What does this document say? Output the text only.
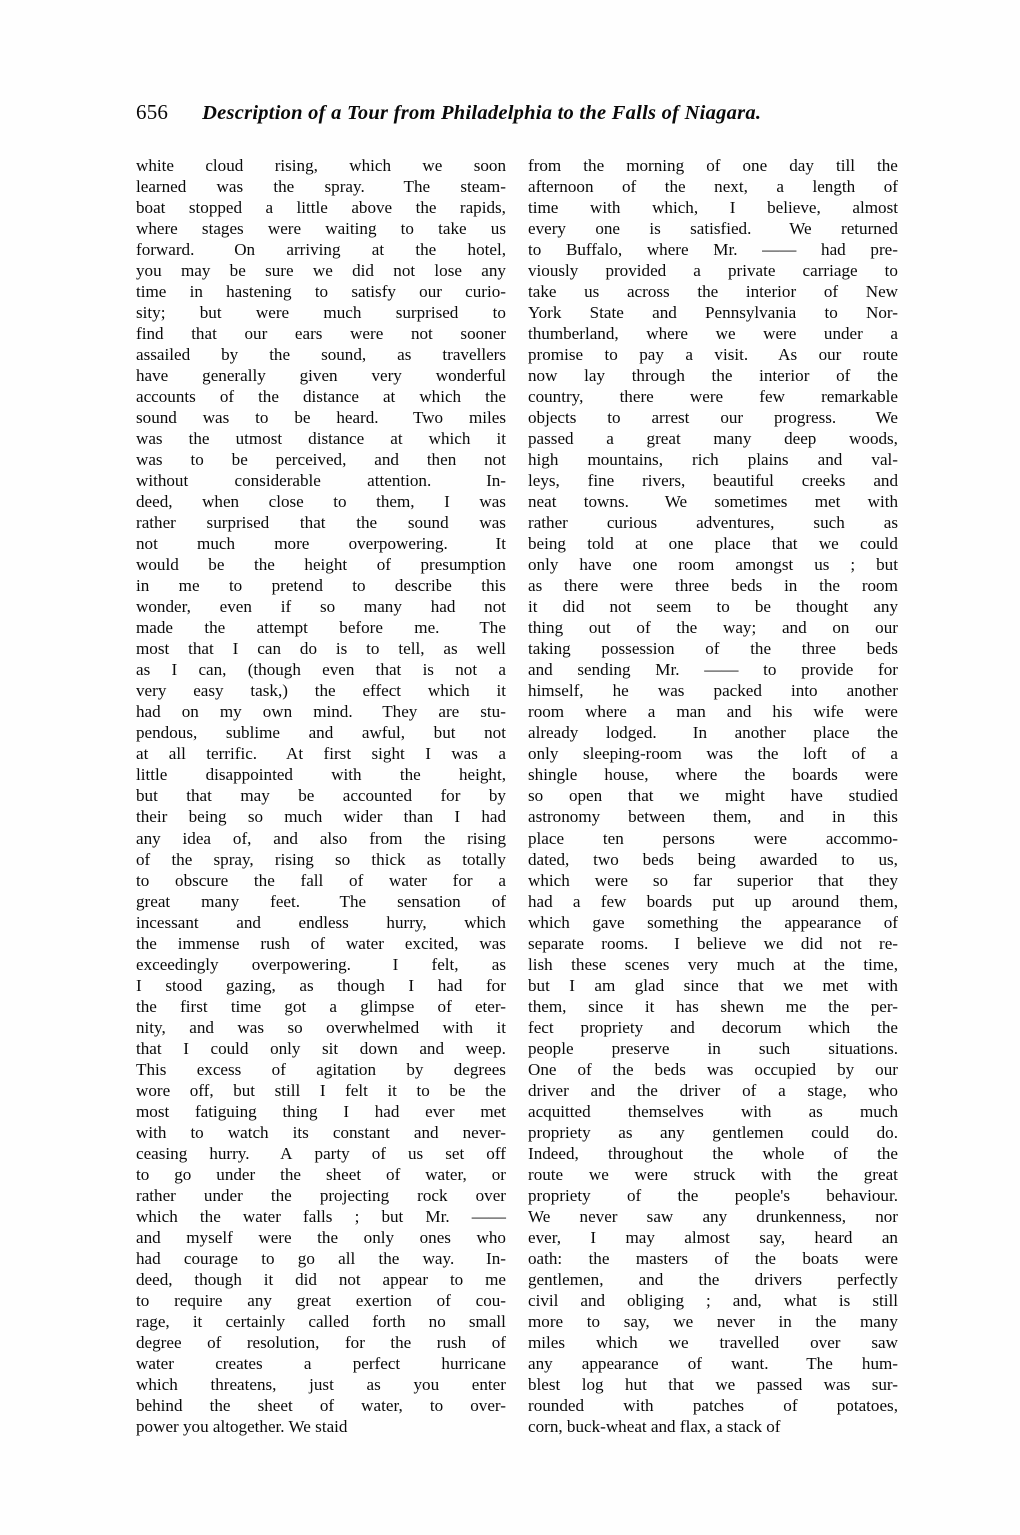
656 Description of a Tour from Philadelphia to the Falls of Niagara.
white cloud rising, which we soon
learned was the spray.  The steam-
boat stopped a little above the rapids,
where stages were waiting to take us
forward.  On arriving at the hotel,
you may be sure we did not lose any
time in hastening to satisfy our curio-
sity; but were much surprised to
find that our ears were not sooner
assailed by the sound, as travellers
have generally given very wonderful
accounts of the distance at which the
sound was to be heard.  Two miles
was the utmost distance at which it
was to be perceived, and then not
without	considerable	attention.	 In-
deed, when close to them, I was
rather surprised that the sound was
not much more overpowering.  It
would be the height of presumption
in me to pretend to describe this
wonder, even if so many had not
made the attempt before me.  The
most that I can do is to tell, as well
as I can, (though even that is not a
very easy task,) the effect which it
had on my own mind.  They are stu-
pendous, sublime and awful, but not
at all terrific.  At first sight I was a
little disappointed with the height,
but that may be accounted for by
their being so much wider than I had
any idea of, and also from the rising
of the spray, rising so thick as totally
to obscure the fall of water for a
great many feet.  The sensation of
incessant and endless hurry, which
the immense rush of water excited, was
exceedingly overpowering.  I felt, as
I stood gazing, as though I had for
the first time got a glimpse of eter-
nity, and was so overwhelmed with it
that I could only sit down and weep.
This excess of agitation by degrees
wore off, but still I felt it to be the
most fatiguing thing I had ever met
with to watch its constant and never-
ceasing hurry.  A party of us set off
to go under the sheet of water, or
rather under the projecting rock over
which the water falls ; but Mr. ——
and myself were the only ones who
had courage to go all the way.  In-
deed, though it did not appear to me
to require any great exertion of cou-
rage, it certainly called forth no small
degree of resolution, for the rush of
water creates a perfect hurricane
which threatens, just as you enter
behind the sheet of water, to over-
power you altogether. We staid
from the morning of one day till the
afternoon of the next, a length of
time with which, I believe, almost
every one is satisfied.  We returned
to Buffalo, where Mr. —— had pre-
viously provided a private carriage to
take us across the interior of New
York State and Pennsylvania to Nor-
thumberland, where we were under a
promise to pay a visit.  As our route
now lay through the interior of the
country, there were few remarkable
objects to arrest our progress.  We
passed a great many deep woods,
high mountains, rich plains and val-
leys, fine rivers, beautiful creeks and
neat towns.  We sometimes met with
rather curious adventures, such as
being told at one place that we could
only have one room amongst us ; but
as there were three beds in the room
it did not seem to be thought any
thing out of the way; and on our
taking possession of the three beds
and sending Mr. —— to provide for
himself, he was packed into another
room where a man and his wife were
already lodged.  In another place the
only sleeping-room was the loft of a
shingle house, where the boards were
so open that we might have studied
astronomy between them, and in this
place ten persons were accommo-
dated, two beds being awarded to us,
which were so far superior that they
had a few boards put up around them,
which gave something the appearance of
separate rooms.  I believe we did not re-
lish these scenes very much at the time,
but I am glad since that we met with
them, since it has shewn me the per-
fect propriety and decorum which the
people preserve in such situations.
One of the beds was occupied by our
driver and the driver of a stage, who
acquitted themselves with as much
propriety as any gentlemen could do.
Indeed, throughout the whole of the
route we were struck with the great
propriety of the people's behaviour.
We never saw any drunkenness, nor
ever, I may almost say, heard an
oath: the masters of the boats were
gentlemen, and the drivers perfectly
civil and obliging ; and, what is still
more to say, we never in the many
miles which we travelled over saw
any appearance of want.  The hum-
blest log hut that we passed was sur-
rounded with patches of potatoes,
corn, buck-wheat and flax, a stack of
